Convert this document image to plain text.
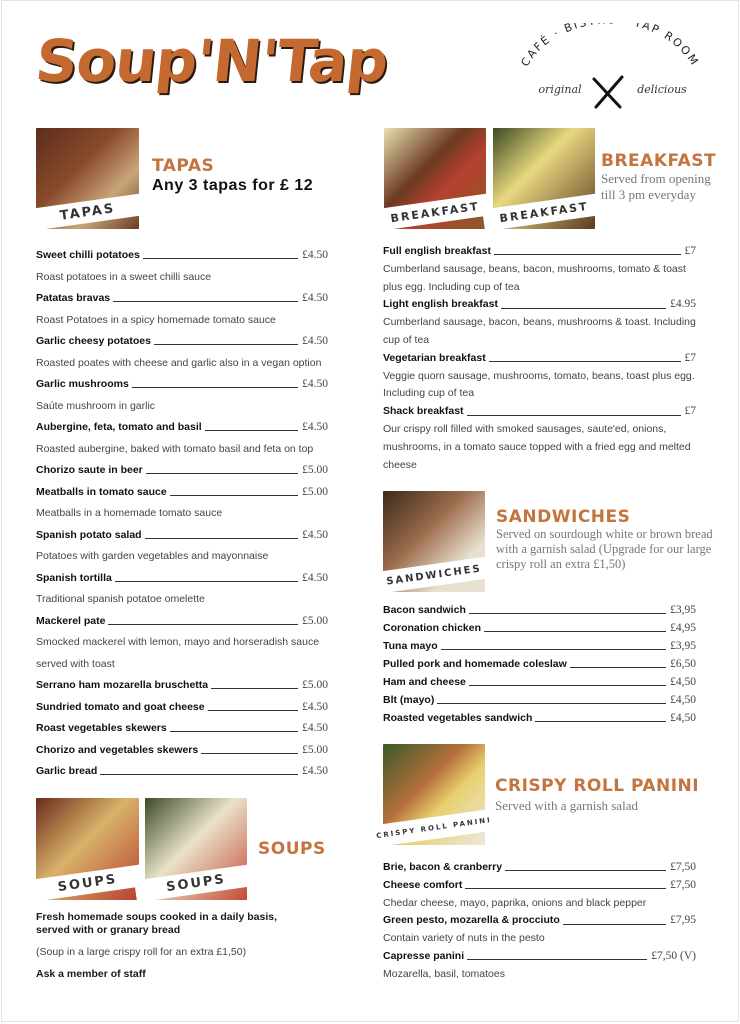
Soup'N'Tap	CAFÉ · BI TAP ROOM
original	delicious
TAPAS
TAPAS
Any 3 tapas for £ 12
Sweet chilli potatoes	£4.50
Roast potatoes in a sweet chilli sauce
Patatas bravas	£4.50
Roast Potatoes in a spicy homemade tomato sauce
Garlic cheesy potatoes	£4.50
Roasted poates with cheese and garlic also in a vegan option
Garlic mushrooms	£4.50
Saúte mushroom in garlic
Aubergine, feta, tomato and basil	£4.50
Roasted aubergine, baked with tomato basil and feta on top
Chorizo saute in beer	£5.00
Meatballs in tomato sauce	£5.00
Meatballs in a homemade tomato sauce
Spanish potato salad	£4.50
Potatoes with garden vegetables and mayonnaise
Spanish tortilla	£4.50
Traditional spanish potatoe omelette
Mackerel pate	£5.00
Smocked mackerel with lemon, mayo and horseradish sauce served with toast
Serrano ham mozarella bruschetta	£5.00
Sundried tomato and goat cheese	£4.50
Roast vegetables skewers	£4.50
Chorizo and vegetables skewers	£5.00
Garlic bread	£4.50
SOUPS	SOUPS
SOUPS
Fresh homemade soups cooked in a daily basis,
served with or granary bread
(Soup in a large crispy roll for an extra £1,50)
Ask a member of staff
BREAKFAST	BREAKFAST
BREAKFAST
Served from opening till 3 pm everyday
Full english breakfast	£7
Cumberland sausage, beans, bacon, mushrooms, tomato & toast plus egg. Including cup of tea
Light english breakfast	£4.95
Cumberland sausage, bacon, beans, mushrooms & toast. Including cup of tea
Vegetarian breakfast	£7
Veggie quorn sausage, mushrooms, tomato, beans, toast plus egg. Including cup of tea
Shack breakfast	£7
Our crispy roll filled with smoked sausages, saute'ed, onions, mushrooms, in a tomato sauce topped with a fried egg and melted cheese
SANDWICHES
SANDWICHES
Served on sourdough white or brown bread with a garnish salad (Upgrade for our large crispy roll an extra £1,50)
Bacon sandwich	£3,95
Coronation chicken	£4,95
Tuna mayo	£3,95
Pulled pork and homemade coleslaw	£6,50
Ham and cheese	£4,50
Blt (mayo)	£4,50
Roasted vegetables sandwich	£4,50
CRISPY ROLL PANINI
CRISPY ROLL PANINI
Served with a garnish salad
Brie, bacon & cranberry	£7,50
Cheese comfort	£7,50
Chedar cheese, mayo, paprika, onions and black pepper
Green pesto, mozarella & procciuto	£7,95
Contain variety of nuts in the pesto
Capresse panini	£7,50 (V)
Mozarella, basil, tomatoes
